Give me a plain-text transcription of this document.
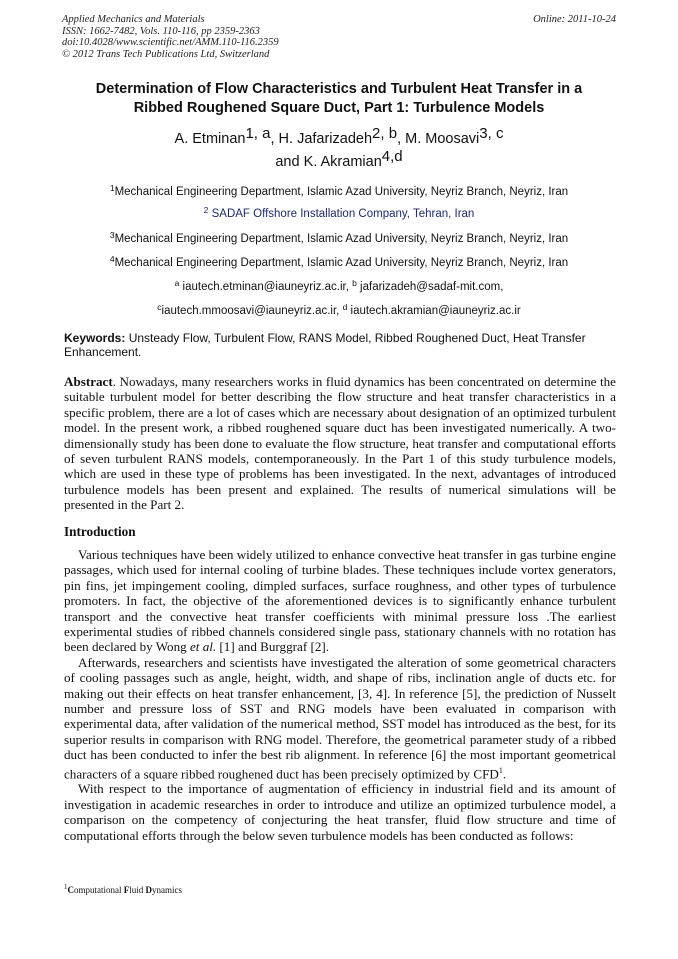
Applied Mechanics and Materials
ISSN: 1662-7482, Vols. 110-116, pp 2359-2363
doi:10.4028/www.scientific.net/AMM.110-116.2359
© 2012 Trans Tech Publications Ltd, Switzerland
Online: 2011-10-24
Determination of Flow Characteristics and Turbulent Heat Transfer in a
Ribbed Roughened Square Duct, Part 1: Turbulence Models
A. Etminan$^{1, a}$, H. Jafarizadeh$^{2, b}$, M. Moosavi$^{3, c}$
and K. Akramian$^{4,d}$
$^1$Mechanical Engineering Department, Islamic Azad University, Neyriz Branch, Neyriz, Iran
$^2$ SADAF Offshore Installation Company, Tehran, Iran
$^3$Mechanical Engineering Department, Islamic Azad University, Neyriz Branch, Neyriz, Iran
$^4$Mechanical Engineering Department, Islamic Azad University, Neyriz Branch, Neyriz, Iran
$^a$ iautech.etminan@iauneyriz.ac.ir, $^b$ jafarizadeh@sadaf-mit.com,
$^c$iautech.mmoosavi@iauneyriz.ac.ir, $^d$ iautech.akramian@iauneyriz.ac.ir
Keywords: Unsteady Flow, Turbulent Flow, RANS Model, Ribbed Roughened Duct, Heat Transfer Enhancement.

Abstract. Nowadays, many researchers works in fluid dynamics has been concentrated on determine the suitable turbulent model for better describing the flow structure and heat transfer characteristics in a specific problem, there are a lot of cases which are necessary about designation of an optimized turbulent model. In the present work, a ribbed roughened square duct has been investigated numerically. A two-dimensionally study has been done to evaluate the flow structure, heat transfer and computational efforts of seven turbulent RANS models, contemporaneously. In the Part 1 of this study turbulence models, which are used in these type of problems has been investigated. In the next, advantages of introduced turbulence models has been present and explained. The results of numerical simulations will be presented in the Part 2.

Introduction

Various techniques have been widely utilized to enhance convective heat transfer in gas turbine engine passages, which used for internal cooling of turbine blades. These techniques include vortex generators, pin fins, jet impingement cooling, dimpled surfaces, surface roughness, and other types of turbulence promoters. In fact, the objective of the aforementioned devices is to significantly enhance turbulent transport and the convective heat transfer coefficients with minimal pressure loss .The earliest experimental studies of ribbed channels considered single pass, stationary channels with no rotation has been declared by Wong et al. [1] and Burggraf [2].

Afterwards, researchers and scientists have investigated the alteration of some geometrical characters of cooling passages such as angle, height, width, and shape of ribs, inclination angle of ducts etc. for making out their effects on heat transfer enhancement, [3, 4]. In reference [5], the prediction of Nusselt number and pressure loss of SST and RNG models have been evaluated in comparison with experimental data, after validation of the numerical method, SST model has introduced as the best, for its superior results in comparison with RNG model. Therefore, the geometrical parameter study of a ribbed duct has been conducted to infer the best rib alignment. In reference [6] the most important geometrical characters of a square ribbed roughened duct has been precisely optimized by CFD$^1$.

With respect to the importance of augmentation of efficiency in industrial field and its amount of investigation in academic researches in order to introduce and utilize an optimized turbulence model, a comparison on the competency of conjecturing the heat transfer, fluid flow structure and time of computational efforts through the below seven turbulence models has been conducted as follows:

$^1$Computational Fluid Dynamics
